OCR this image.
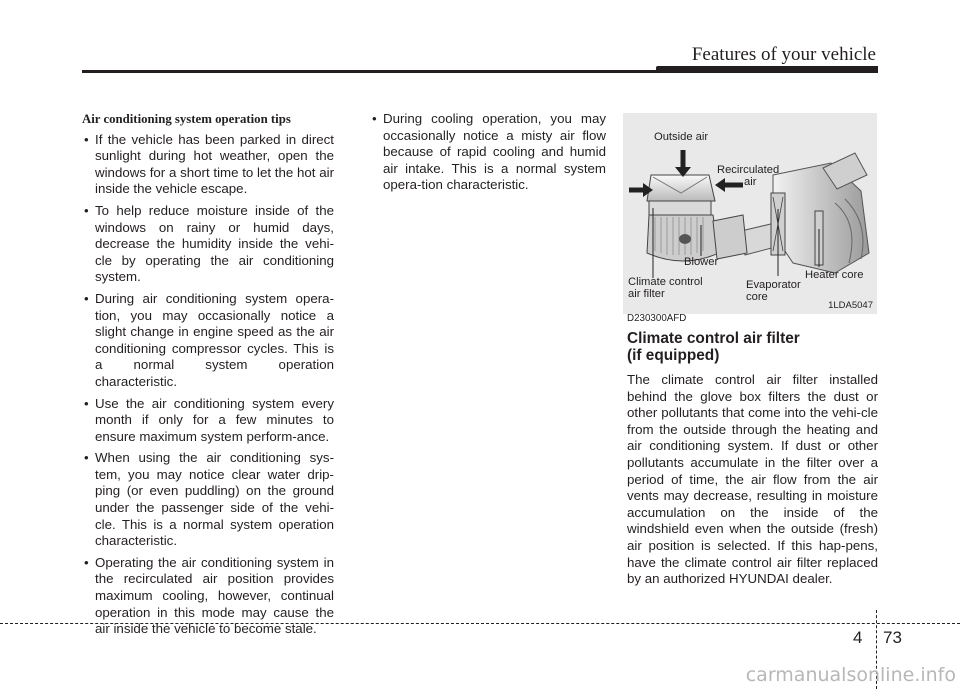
Features of your vehicle
Air conditioning system operation tips
• If the vehicle has been parked in direct sunlight during hot weather, open the windows for a short time to let the hot air inside the vehicle escape.
• To help reduce moisture inside of the windows on rainy or humid days, decrease the humidity inside the vehi-cle by operating the air conditioning system.
• During air conditioning system opera-tion, you may occasionally notice a slight change in engine speed as the air conditioning compressor cycles. This is a normal system operation characteristic.
• Use the air conditioning system every month if only for a few minutes to ensure maximum system perform-ance.
• When using the air conditioning sys-tem, you may notice clear water drip-ping (or even puddling) on the ground under the passenger side of the vehi-cle. This is a normal system operation characteristic.
• Operating the air conditioning system in the recirculated air position provides maximum cooling, however, continual operation in this mode may cause the air inside the vehicle to become stale.
• During cooling operation, you may occasionally notice a misty air flow because of rapid cooling and humid air intake. This is a normal system opera-tion characteristic.
Outside air
Recirculated
air
Blower
Climate control
air filter
Evaporator
core
Heater core
1LDA5047
D230300AFD
Climate control air filter
(if equipped)

The climate control air filter installed behind the glove box filters the dust or other pollutants that come into the vehi-cle from the outside through the heating and air conditioning system. If dust or other pollutants accumulate in the filter over a period of time, the air flow from the air vents may decrease, resulting in moisture accumulation on the inside of the windshield even when the outside (fresh) air position is selected. If this hap-pens, have the climate control air filter replaced by an authorized HYUNDAI dealer.

4 73
carmanualsonline.info
